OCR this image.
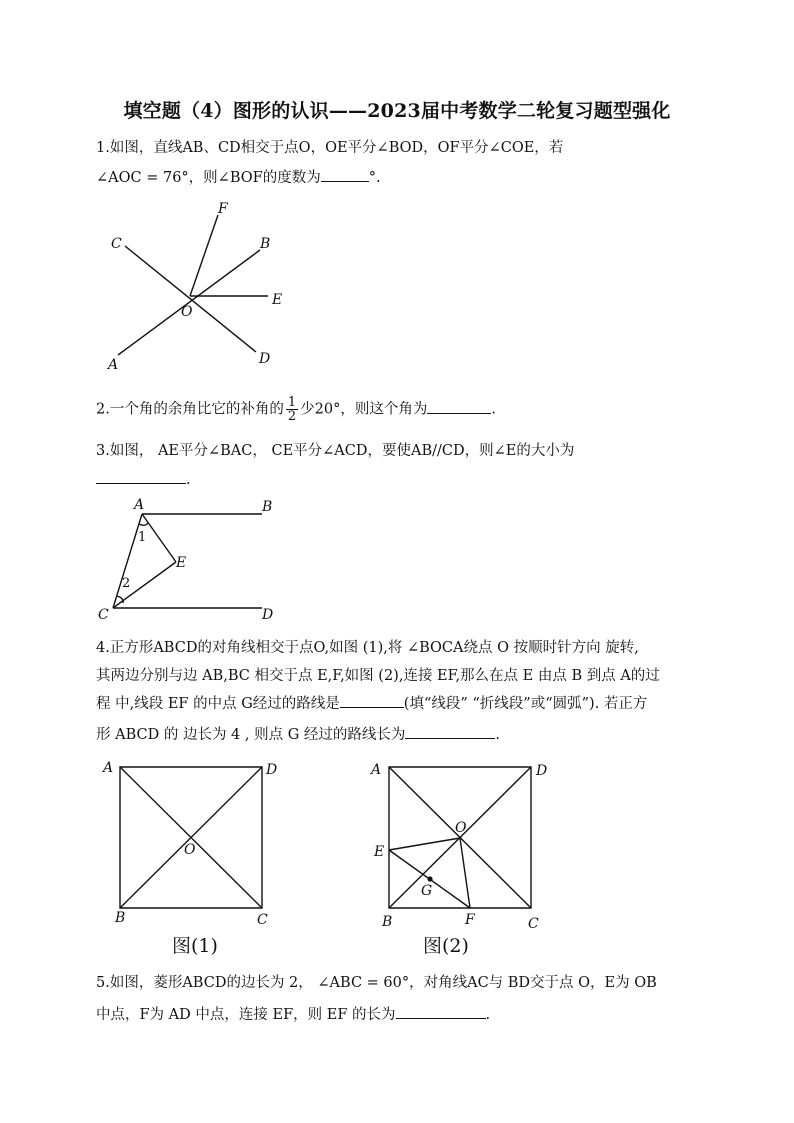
填空题（4）图形的认识——2023届中考数学二轮复习题型强化
1.如图，直线AB、CD相交于点O，OE平分∠BOD，OF平分∠COE，若
∠AOC = 76°，则∠BOF的度数为	°.
F
C	B
O
E
A	D
2.一个角的余角比它的补角的 $\frac{1}{2}$ 少20°，则这个角为	.
3.如图， AE平分∠BAC， CE平分∠ACD，要使AB//CD，则∠E的大小为
.
A	B
E
C	D
1
2
4.正方形ABCD的对角线相交于点O,如图 (1),将 ∠BOCA绕点 O 按顺时针方向 旋转,
其两边分别与边 AB,BC 相交于点 E,F,如图 (2),连接 EF,那么在点 E 由点 B 到点 A的过
程 中,线段 EF 的中点 G经过的路线是	(填“线段” “折线段”或“圆弧”). 若正方
形 ABCD 的 边长为 4 , 则点 G 经过的路线长为	.
A	D
O
B	C
图(1)
A	D
O
E
G
B	F	C
图(2)
5.如图，菱形ABCD的边长为 2， ∠ABC = 60°，对角线AC与 BD交于点 O，E为 OB
中点，F为 AD 中点，连接 EF，则 EF 的长为	.
